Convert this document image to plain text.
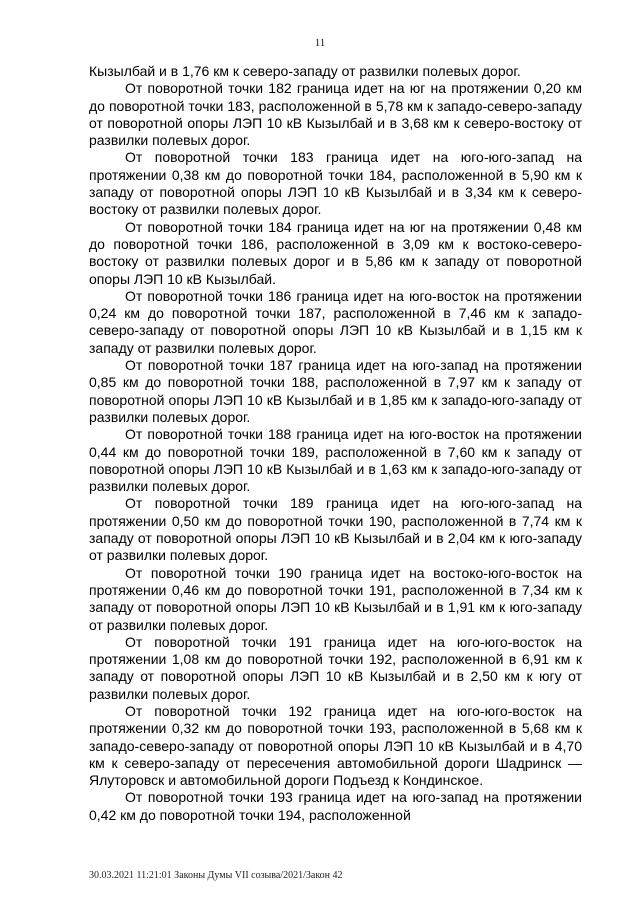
11

Кызылбай и в 1,76 км к северо-западу от развилки полевых дорог.

От поворотной точки 182 граница идет на юг на протяжении 0,20 км до поворотной точки 183, расположенной в 5,78 км к западо-северо-западу от поворотной опоры ЛЭП 10 кВ Кызылбай и в 3,68 км к северо-востоку от развилки полевых дорог.

От поворотной точки 183 граница идет на юго-юго-запад на протяжении 0,38 км до поворотной точки 184, расположенной в 5,90 км к западу от поворотной опоры ЛЭП 10 кВ Кызылбай и в 3,34 км к северо-востоку от развилки полевых дорог.

От поворотной точки 184 граница идет на юг на протяжении 0,48 км до поворотной точки 186, расположенной в 3,09 км к востоко-северо-востоку от развилки полевых дорог и в 5,86 км к западу от поворотной опоры ЛЭП 10 кВ Кызылбай.

От поворотной точки 186 граница идет на юго-восток на протяжении 0,24 км до поворотной точки 187, расположенной в 7,46 км к западо-северо-западу от поворотной опоры ЛЭП 10 кВ Кызылбай и в 1,15 км к западу от развилки полевых дорог.

От поворотной точки 187 граница идет на юго-запад на протяжении 0,85 км до поворотной точки 188, расположенной в 7,97 км к западу от поворотной опоры ЛЭП 10 кВ Кызылбай и в 1,85 км к западо-юго-западу от развилки полевых дорог.

От поворотной точки 188 граница идет на юго-восток на протяжении 0,44 км до поворотной точки 189, расположенной в 7,60 км к западу от поворотной опоры ЛЭП 10 кВ Кызылбай и в 1,63 км к западо-юго-западу от развилки полевых дорог.

От поворотной точки 189 граница идет на юго-юго-запад на протяжении 0,50 км до поворотной точки 190, расположенной в 7,74 км к западу от поворотной опоры ЛЭП 10 кВ Кызылбай и в 2,04 км к юго-западу от развилки полевых дорог.

От поворотной точки 190 граница идет на востоко-юго-восток на протяжении 0,46 км до поворотной точки 191, расположенной в 7,34 км к западу от поворотной опоры ЛЭП 10 кВ Кызылбай и в 1,91 км к юго-западу от развилки полевых дорог.

От поворотной точки 191 граница идет на юго-юго-восток на протяжении 1,08 км до поворотной точки 192, расположенной в 6,91 км к западу от поворотной опоры ЛЭП 10 кВ Кызылбай и в 2,50 км к югу от развилки полевых дорог.

От поворотной точки 192 граница идет на юго-юго-восток на протяжении 0,32 км до поворотной точки 193, расположенной в 5,68 км к западо-северо-западу от поворотной опоры ЛЭП 10 кВ Кызылбай и в 4,70 км к северо-западу от пересечения автомобильной дороги Шадринск — Ялуторовск и автомобильной дороги Подъезд к Кондинское.

От поворотной точки 193 граница идет на юго-запад на протяжении 0,42 км до поворотной точки 194, расположенной

30.03.2021 11:21:01 Законы Думы VII созыва/2021/Закон 42
